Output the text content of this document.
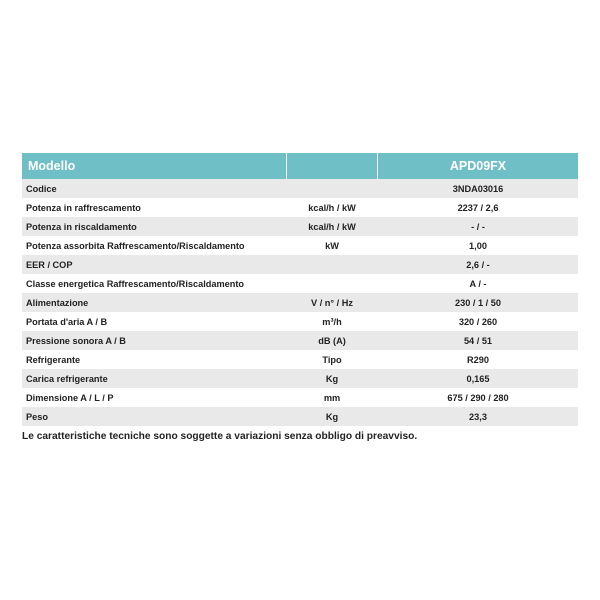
Modello		APD09FX
Codice		3NDA03016
Potenza in raffrescamento	kcal/h / kW	2237 / 2,6
Potenza in riscaldamento	kcal/h / kW	- / -
Potenza assorbita Raffrescamento/Riscaldamento	kW	1,00
EER / COP		2,6 / -
Classe energetica Raffrescamento/Riscaldamento		A / -
Alimentazione	V / n° / Hz	230 / 1 / 50
Portata d'aria A / B	m³/h	320 / 260
Pressione sonora A / B	dB (A)	54 / 51
Refrigerante	Tipo	R290
Carica refrigerante	Kg	0,165
Dimensione A / L / P	mm	675 / 290 / 280
Peso	Kg	23,3
Le caratteristiche tecniche sono soggette a variazioni senza obbligo di preavviso.
